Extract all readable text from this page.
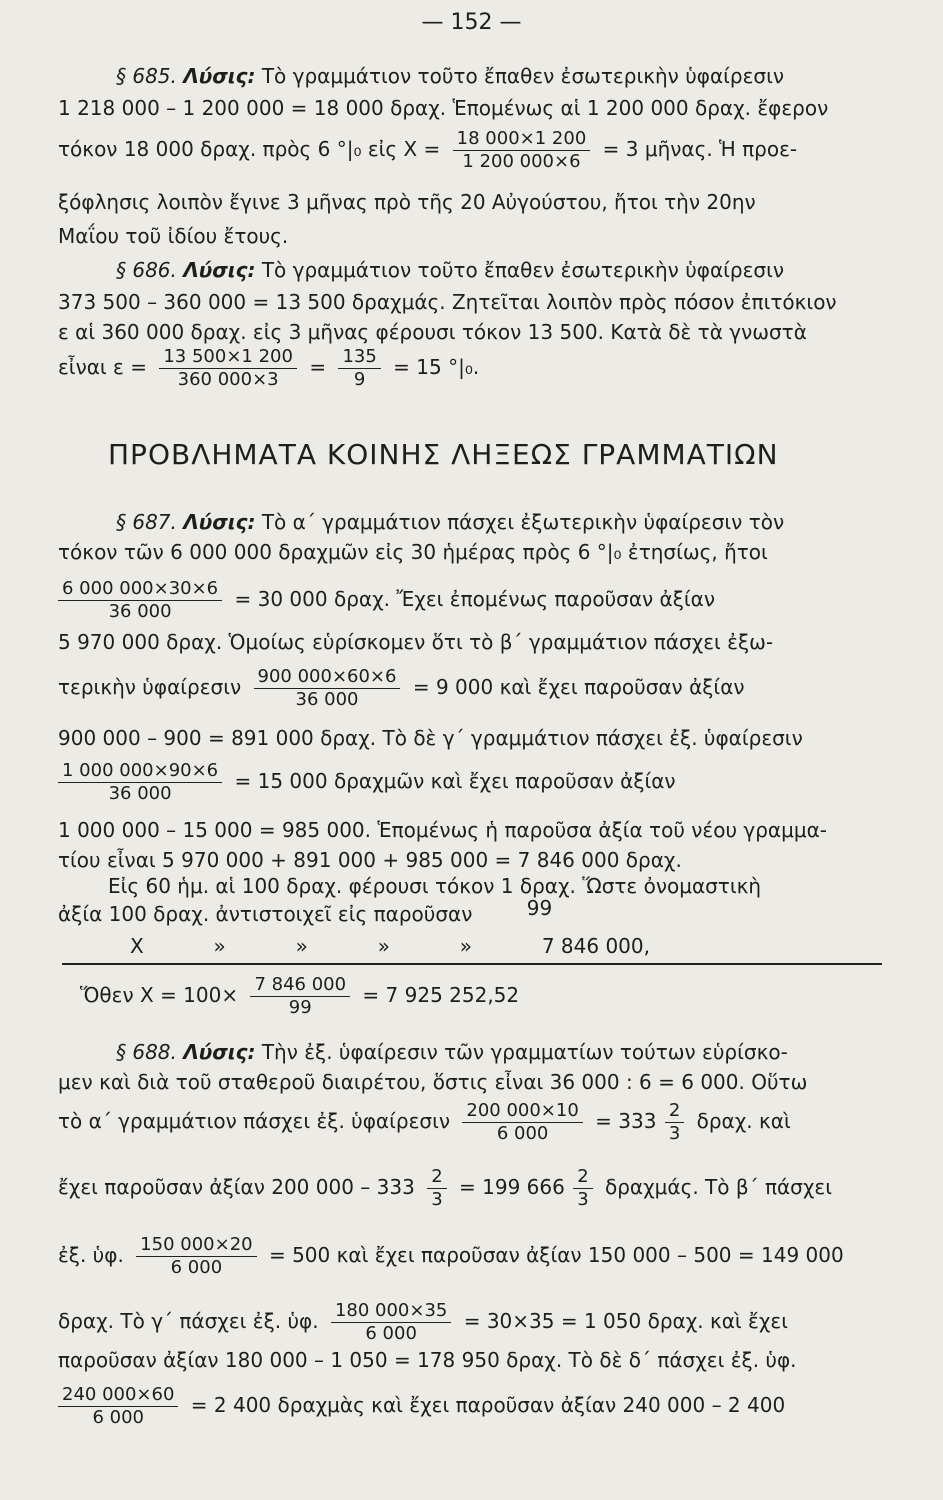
— 152 —
§ 685. Λύσις: Τὸ γραμμάτιον τοῦτο ἔπαθεν ἐσωτερικὴν ὑφαίρεσιν
1 218 000 – 1 200 000 = 18 000 δραχ. Ἑπομένως αἱ 1 200 000 δραχ. ἔφερον
τόκον 18 000 δραχ. πρὸς 6 °|₀ εἰς $X = \frac{18 000\times 1 200}{1 200 000\times 6} = 3$ μῆνας. Ἡ προε-
ξόφλησις λοιπὸν ἔγινε 3 μῆνας πρὸ τῆς 20 Αὐγούστου, ἤτοι τὴν 20ην
Μαΐου τοῦ ἰδίου ἔτους.
§ 686. Λύσις: Τὸ γραμμάτιον τοῦτο ἔπαθεν ἐσωτερικὴν ὑφαίρεσιν
373 500 – 360 000 = 13 500 δραχμάς. Ζητεῖται λοιπὸν πρὸς πόσον ἐπιτόκιον
ε αἱ 360 000 δραχ. εἰς 3 μῆνας φέρουσι τόκον 13 500. Κατὰ δὲ τὰ γνωστὰ
εἶναι $\varepsilon = \frac{13 500\times 1 200}{360 000\times 3} = \frac{135}{9} = 15$ °|₀.
ΠΡΟΒΛΗΜΑΤΑ ΚΟΙΝΗΣ ΛΗΞΕΩΣ ΓΡΑΜΜΑΤΙΩΝ
§ 687. Λύσις: Τὸ α΄ γραμμάτιον πάσχει ἐξωτερικὴν ὑφαίρεσιν τὸν
τόκον τῶν 6 000 000 δραχμῶν εἰς 30 ἡμέρας πρὸς 6 °|₀ ἐτησίως, ἤτοι
$\frac{6 000 000\times 30\times 6}{36 000} = 30$ 000 δραχ. Ἔχει ἐπομένως παροῦσαν ἀξίαν
5 970 000 δραχ. Ὁμοίως εὑρίσκομεν ὅτι τὸ β΄ γραμμάτιον πάσχει ἐξω-
τερικὴν ὑφαίρεσιν $\frac{900 000\times 60\times 6}{36 000} = 9$ 000 καὶ ἔχει παροῦσαν ἀξίαν
900 000 – 900 = 891 000 δραχ. Τὸ δὲ γ΄ γραμμάτιον πάσχει ἐξ. ὑφαίρεσιν
$\frac{1 000 000\times 90\times 6}{36 000} = 15$ 000 δραχμῶν καὶ ἔχει παροῦσαν ἀξίαν
1 000 000 – 15 000 = 985 000. Ἑπομένως ἡ παροῦσα ἀξία τοῦ νέου γραμμα-
τίου εἶναι 5 970 000 + 891 000 + 985 000 = 7 846 000 δραχ.
Εἰς 60 ἡμ. αἱ 100 δραχ. φέρουσι τόκον 1 δραχ. Ὥστε ὀνομαστικὴ
ἀξία 100 δραχ. ἀντιστοιχεῖ εἰς παροῦσαν	99
X	»	»	»	»	7 846 000,
Ὅθεν $X = 100\times \frac{7 846 000}{99} = 7$ 925 252,52
§ 688. Λύσις: Τὴν ἐξ. ὑφαίρεσιν τῶν γραμματίων τούτων εὑρίσκο-
μεν καὶ διὰ τοῦ σταθεροῦ διαιρέτου, ὅστις εἶναι 36 000 : 6 = 6 000. Οὕτω
τὸ α΄ γραμμάτιον πάσχει ἐξ. ὑφαίρεσιν $\frac{200 000\times 10}{6 000} = 333 \frac{2}{3} \delta\rho\alpha\chi$. καὶ
ἔχει παροῦσαν ἀξίαν 200 $000 - 333 \frac{2}{3} = 199$ $666 \frac{2}{3} \delta\rho\alpha\chi\mu ά\varsigma$. Τὸ β΄ πάσχει
ἐξ. ὑφ. $\frac{150 000\times 20}{6 000} = 500$ καὶ ἔχει παροῦσαν ἀξίαν 150 000 – 500 = 149 000
δραχ. Τὸ γ΄ πάσχει ἐξ. ὑφ. $\frac{180 000\times 35}{6 000} = 30\times 35 = 1$ 050 δραχ. καὶ ἔχει
παροῦσαν ἀξίαν 180 000 – 1 050 = 178 950 δραχ. Τὸ δὲ δ΄ πάσχει ἐξ. ὑφ.
$\frac{240 000\times 60}{6 000} = 2$ 400 δραχμὰς καὶ ἔχει παροῦσαν ἀξίαν 240 000 – 2 400
